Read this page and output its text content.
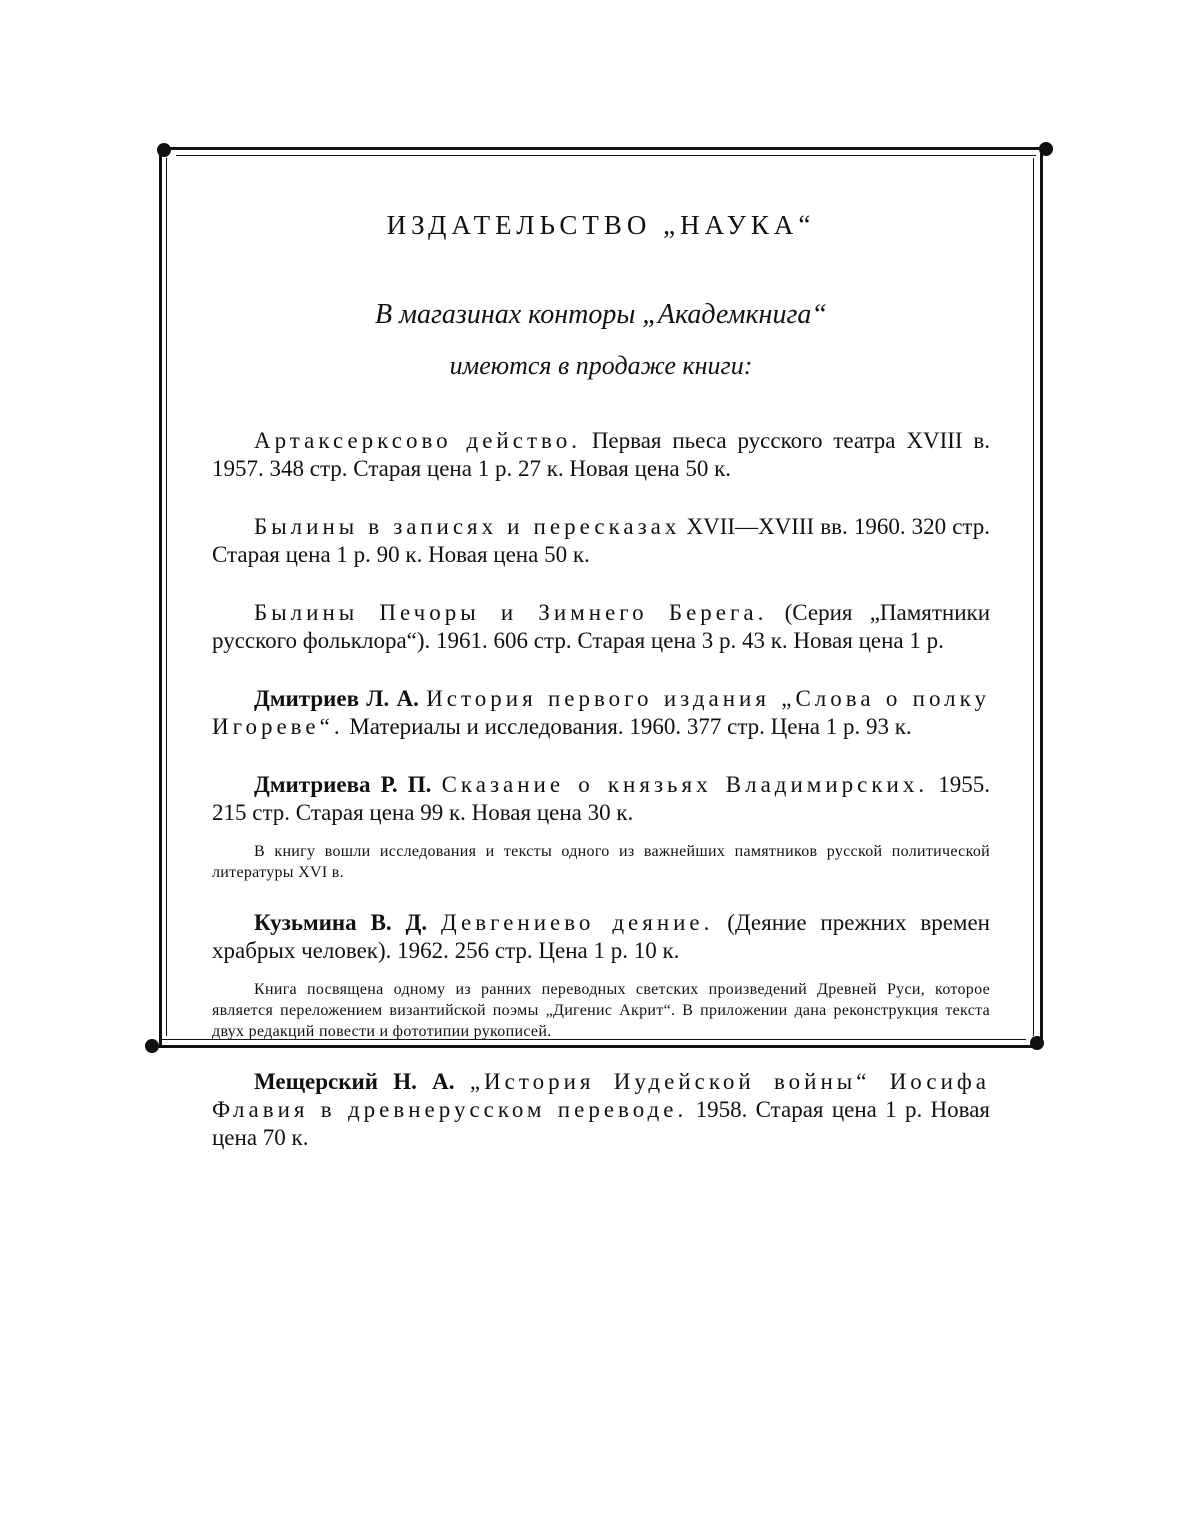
ИЗДАТЕЛЬСТВО „НАУКА“
В магазинах конторы „Академкнига“
имеются в продаже книги:

Артаксерксово действо. Первая пьеса русского театра XVIII в. 1957. 348 стр. Старая цена 1 р. 27 к. Новая цена 50 к.

Былины в записях и пересказах XVII—XVIII вв. 1960. 320 стр. Старая цена 1 р. 90 к. Новая цена 50 к.

Былины Печоры и Зимнего Берега. (Серия „Памятники русского фольклора“). 1961. 606 стр. Старая цена 3 р. 43 к. Новая цена 1 р.

Дмитриев Л. А. История первого издания „Слова о полку Игореве“. Материалы и исследования. 1960. 377 стр. Цена 1 р. 93 к.

Дмитриева Р. П. Сказание о князьях Владимирских. 1955. 215 стр. Старая цена 99 к. Новая цена 30 к.

В книгу вошли исследования и тексты одного из важнейших памятников русской политической литературы XVI в.

Кузьмина В. Д. Девгениево деяние. (Деяние прежних времен храбрых человек). 1962. 256 стр. Цена 1 р. 10 к.

Книга посвящена одному из ранних переводных светских произведений Древней Руси, которое является переложением византийской поэмы „Дигенис Акрит“. В приложении дана реконструкция текста двух редакций повести и фототипии рукописей.

Мещерский Н. А. „История Иудейской войны“ Иосифа Флавия в древнерусском переводе. 1958. Старая цена 1 р. Новая цена 70 к.
